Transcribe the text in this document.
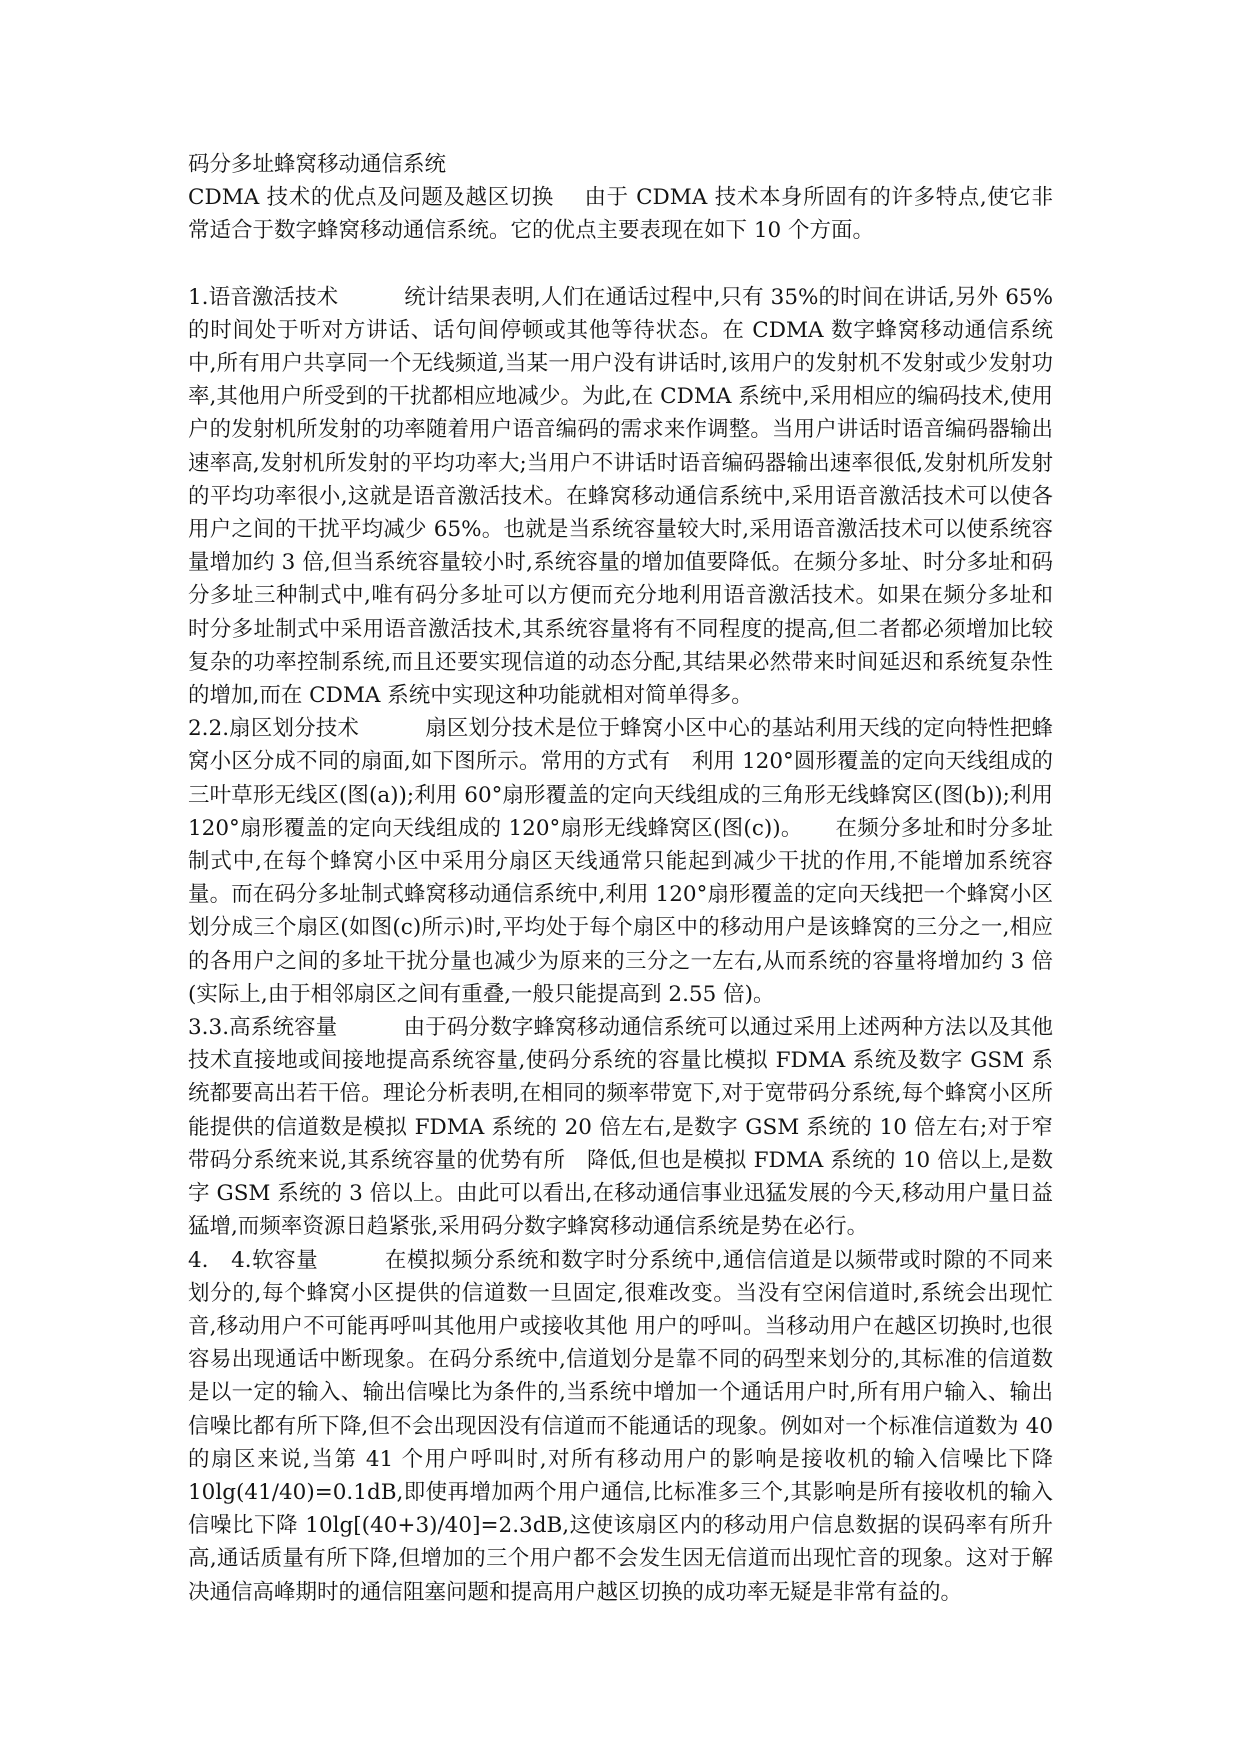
码分多址蜂窝移动通信系统

CDMA 技术的优点及问题及越区切换 由于 CDMA 技术本身所固有的许多特点,使它非常适合于数字蜂窝移动通信系统。它的优点主要表现在如下 10 个方面。

1.语音激活技术	统计结果表明,人们在通话过程中,只有 35%的时间在讲话,另外 65%的时间处于听对方讲话、话句间停顿或其他等待状态。在 CDMA 数字蜂窝移动通信系统中,所有用户共享同一个无线频道,当某一用户没有讲话时,该用户的发射机不发射或少发射功率,其他用户所受到的干扰都相应地减少。为此,在 CDMA 系统中,采用相应的编码技术,使用户的发射机所发射的功率随着用户语音编码的需求来作调整。当用户讲话时语音编码器输出速率高,发射机所发射的平均功率大;当用户不讲话时语音编码器输出速率很低,发射机所发射的平均功率很小,这就是语音激活技术。在蜂窝移动通信系统中,采用语音激活技术可以使各用户之间的干扰平均减少 65%。也就是当系统容量较大时,采用语音激活技术可以使系统容量增加约 3 倍,但当系统容量较小时,系统容量的增加值要降低。在频分多址、时分多址和码分多址三种制式中,唯有码分多址可以方便而充分地利用语音激活技术。如果在频分多址和时分多址制式中采用语音激活技术,其系统容量将有不同程度的提高,但二者都必须增加比较复杂的功率控制系统,而且还要实现信道的动态分配,其结果必然带来时间延迟和系统复杂性的增加,而在 CDMA 系统中实现这种功能就相对简单得多。

2.2.扇区划分技术	扇区划分技术是位于蜂窝小区中心的基站利用天线的定向特性把蜂窝小区分成不同的扇面,如下图所示。常用的方式有　利用 120°圆形覆盖的定向天线组成的三叶草形无线区(图(a));利用 60°扇形覆盖的定向天线组成的三角形无线蜂窝区(图(b));利用 120°扇形覆盖的定向天线组成的 120°扇形无线蜂窝区(图(c))。　　在频分多址和时分多址制式中,在每个蜂窝小区中采用分扇区天线通常只能起到减少干扰的作用,不能增加系统容量。而在码分多址制式蜂窝移动通信系统中,利用 120°扇形覆盖的定向天线把一个蜂窝小区划分成三个扇区(如图(c)所示)时,平均处于每个扇区中的移动用户是该蜂窝的三分之一,相应的各用户之间的多址干扰分量也减少为原来的三分之一左右,从而系统的容量将增加约 3 倍(实际上,由于相邻扇区之间有重叠,一般只能提高到 2.55 倍)。

3.3.高系统容量	由于码分数字蜂窝移动通信系统可以通过采用上述两种方法以及其他技术直接地或间接地提高系统容量,使码分系统的容量比模拟 FDMA 系统及数字 GSM 系统都要高出若干倍。理论分析表明,在相同的频率带宽下,对于宽带码分系统,每个蜂窝小区所能提供的信道数是模拟 FDMA 系统的 20 倍左右,是数字 GSM 系统的 10 倍左右;对于窄带码分系统来说,其系统容量的优势有所　降低,但也是模拟 FDMA 系统的 10 倍以上,是数字 GSM 系统的 3 倍以上。由此可以看出,在移动通信事业迅猛发展的今天,移动用户量日益猛增,而频率资源日趋紧张,采用码分数字蜂窝移动通信系统是势在必行。

4.　4.软容量	在模拟频分系统和数字时分系统中,通信信道是以频带或时隙的不同来划分的,每个蜂窝小区提供的信道数一旦固定,很难改变。当没有空闲信道时,系统会出现忙音,移动用户不可能再呼叫其他用户或接收其他 用户的呼叫。当移动用户在越区切换时,也很容易出现通话中断现象。在码分系统中,信道划分是靠不同的码型来划分的,其标准的信道数是以一定的输入、输出信噪比为条件的,当系统中增加一个通话用户时,所有用户输入、输出信噪比都有所下降,但不会出现因没有信道而不能通话的现象。例如对一个标准信道数为 40 的扇区来说,当第 41 个用户呼叫时,对所有移动用户的影响是接收机的输入信噪比下降 10lg(41/40)=0.1dB,即使再增加两个用户通信,比标准多三个,其影响是所有接收机的输入信噪比下降 10lg[(40+3)/40]=2.3dB,这使该扇区内的移动用户信息数据的误码率有所升高,通话质量有所下降,但增加的三个用户都不会发生因无信道而出现忙音的现象。这对于解决通信高峰期时的通信阻塞问题和提高用户越区切换的成功率无疑是非常有益的。
